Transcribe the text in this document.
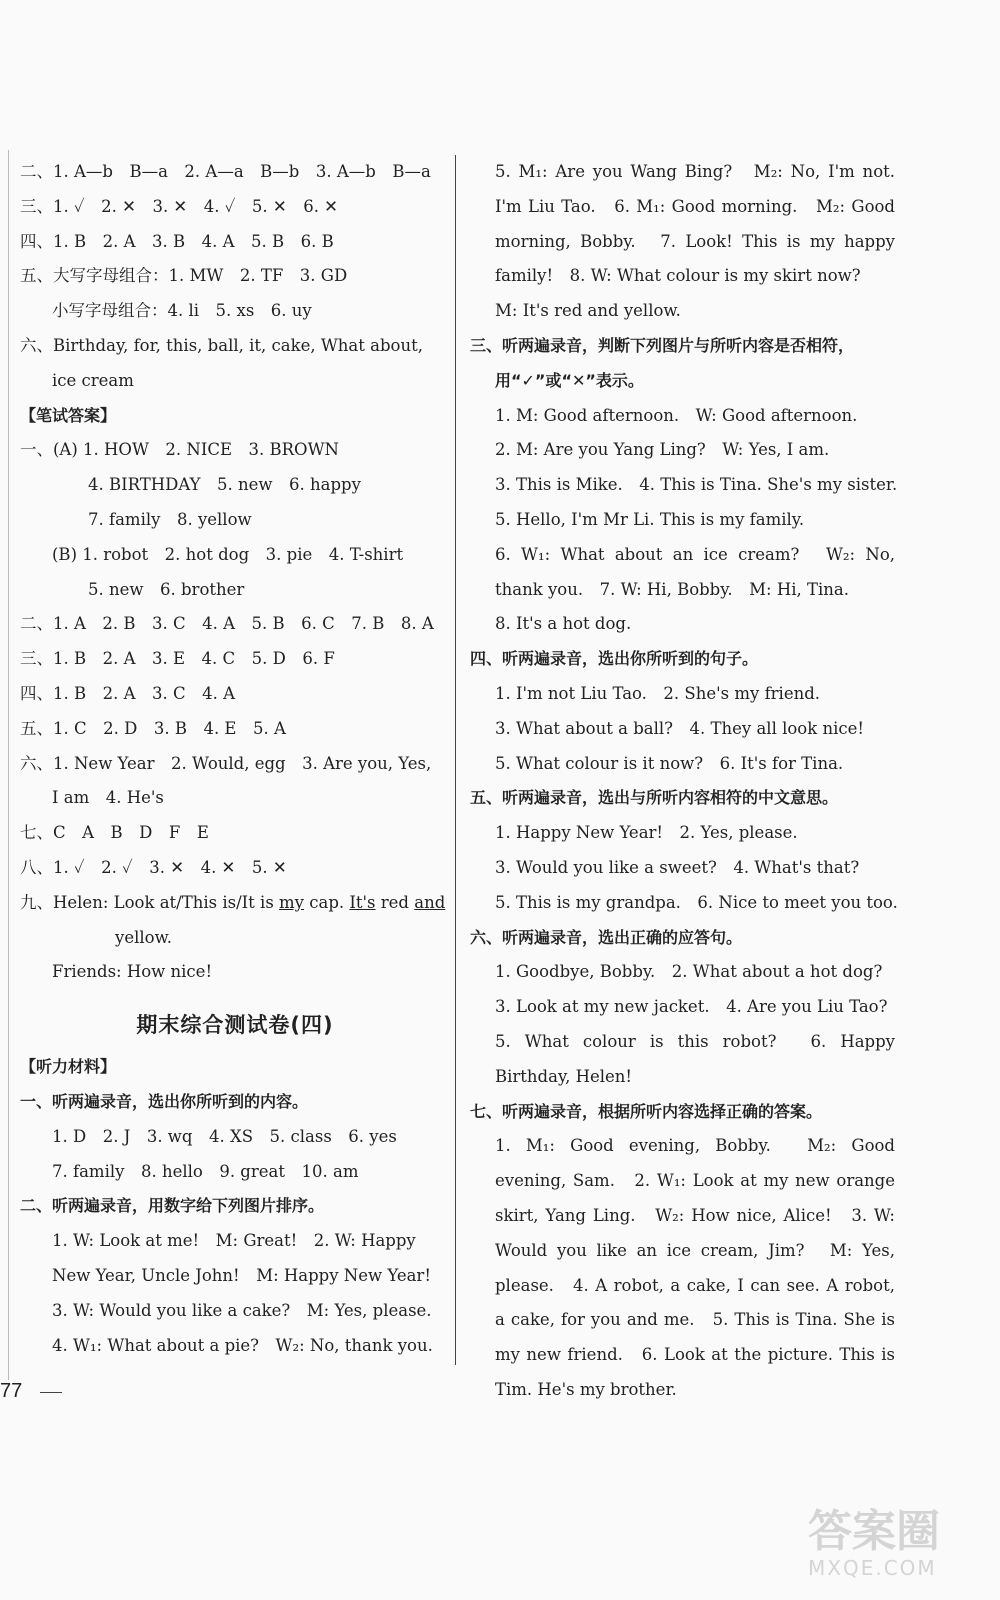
二、1. A—b　B—a　2. A—a　B—b　3. A—b　B—a
三、1. ✓　2. ✕　3. ✕　4. ✓　5. ✕　6. ✕
四、1. B　2. A　3. B　4. A　5. B　6. B
五、大写字母组合：1. MW　2. TF　3. GD
小写字母组合：4. li　5. xs　6. uy
六、Birthday, for, this, ball, it, cake, What about,
ice cream
【笔试答案】
一、(A) 1. HOW　2. NICE　3. BROWN
4. BIRTHDAY　5. new　6. happy
7. family　8. yellow
(B) 1. robot　2. hot dog　3. pie　4. T-shirt
5. new　6. brother
二、1. A　2. B　3. C　4. A　5. B　6. C　7. B　8. A
三、1. B　2. A　3. E　4. C　5. D　6. F
四、1. B　2. A　3. C　4. A
五、1. C　2. D　3. B　4. E　5. A
六、1. New Year　2. Would, egg　3. Are you, Yes,
I am　4. He's
七、C　A　B　D　F　E
八、1. ✓　2. ✓　3. ✕　4. ✕　5. ✕
九、Helen: Look at/This is/It is my cap. It's red and
yellow.
Friends: How nice!
期末综合测试卷(四)
【听力材料】
一、听两遍录音，选出你所听到的内容。
1. D　2. J　3. wq　4. XS　5. class　6. yes
7. family　8. hello　9. great　10. am
二、听两遍录音，用数字给下列图片排序。
1. W: Look at me!　M: Great!　2. W: Happy
New Year, Uncle John!　M: Happy New Year!
3. W: Would you like a cake?　M: Yes, please.
4. W₁: What about a pie?　W₂: No, thank you.
5. M₁: Are you Wang Bing?　M₂: No, I'm not. I'm Liu Tao.　6. M₁: Good morning.　M₂: Good morning, Bobby.　7. Look! This is my happy family!　8. W: What colour is my skirt now?
M: It's red and yellow.
三、听两遍录音，判断下列图片与所听内容是否相符，
用“✓”或“✕”表示。
1. M: Good afternoon.　W: Good afternoon.
2. M: Are you Yang Ling?　W: Yes, I am.
3. This is Mike.　4. This is Tina. She's my sister.
5. Hello, I'm Mr Li. This is my family.
6. W₁: What about an ice cream?　W₂: No, thank you.　7. W: Hi, Bobby.　M: Hi, Tina.
8. It's a hot dog.
四、听两遍录音，选出你所听到的句子。
1. I'm not Liu Tao.　2. She's my friend.
3. What about a ball?　4. They all look nice!
5. What colour is it now?　6. It's for Tina.
五、听两遍录音，选出与所听内容相符的中文意思。
1. Happy New Year!　2. Yes, please.
3. Would you like a sweet?　4. What's that?
5. This is my grandpa.　6. Nice to meet you too.
六、听两遍录音，选出正确的应答句。
1. Goodbye, Bobby.　2. What about a hot dog?
3. Look at my new jacket.　4. Are you Liu Tao?
5. What colour is this robot?　6. Happy Birthday, Helen!
七、听两遍录音，根据所听内容选择正确的答案。
1. M₁: Good evening, Bobby.　M₂: Good evening, Sam.　2. W₁: Look at my new orange skirt, Yang Ling.　W₂: How nice, Alice!　3. W: Would you like an ice cream, Jim?　M: Yes, please.　4. A robot, a cake, I can see. A robot, a cake, for you and me.　5. This is Tina. She is my new friend.　6. Look at the picture. This is Tim. He's my brother.
77
答案圈
MXQE.COM
